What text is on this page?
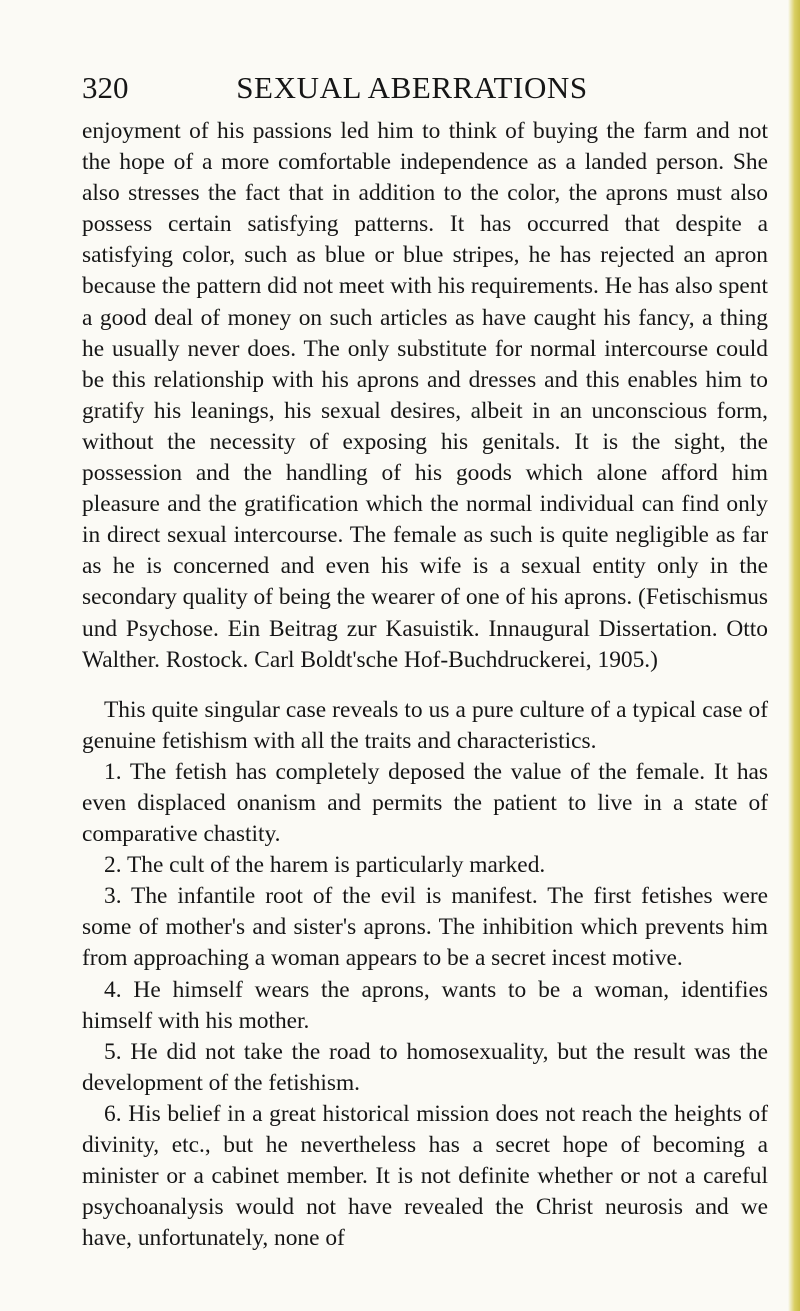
320	SEXUAL ABERRATIONS

enjoyment of his passions led him to think of buying the farm and not the hope of a more comfortable independence as a landed person. She also stresses the fact that in addition to the color, the aprons must also possess certain satisfying patterns. It has occurred that despite a satisfying color, such as blue or blue stripes, he has rejected an apron because the pattern did not meet with his requirements. He has also spent a good deal of money on such articles as have caught his fancy, a thing he usually never does. The only substitute for normal intercourse could be this relationship with his aprons and dresses and this enables him to gratify his leanings, his sexual desires, albeit in an unconscious form, without the necessity of exposing his genitals. It is the sight, the possession and the handling of his goods which alone afford him pleasure and the gratification which the normal individual can find only in direct sexual intercourse. The female as such is quite negligible as far as he is concerned and even his wife is a sexual entity only in the secondary quality of being the wearer of one of his aprons. (Fetischismus und Psychose. Ein Beitrag zur Kasuistik. Innaugural Dissertation. Otto Walther. Rostock. Carl Boldt'sche Hof-Buchdruckerei, 1905.)

This quite singular case reveals to us a pure culture of a typical case of genuine fetishism with all the traits and characteristics.

1. The fetish has completely deposed the value of the female. It has even displaced onanism and permits the patient to live in a state of comparative chastity.

2. The cult of the harem is particularly marked.

3. The infantile root of the evil is manifest. The first fetishes were some of mother's and sister's aprons. The inhibition which prevents him from approaching a woman appears to be a secret incest motive.

4. He himself wears the aprons, wants to be a woman, identifies himself with his mother.

5. He did not take the road to homosexuality, but the result was the development of the fetishism.

6. His belief in a great historical mission does not reach the heights of divinity, etc., but he nevertheless has a secret hope of becoming a minister or a cabinet member. It is not definite whether or not a careful psychoanalysis would not have revealed the Christ neurosis and we have, unfortunately, none of
